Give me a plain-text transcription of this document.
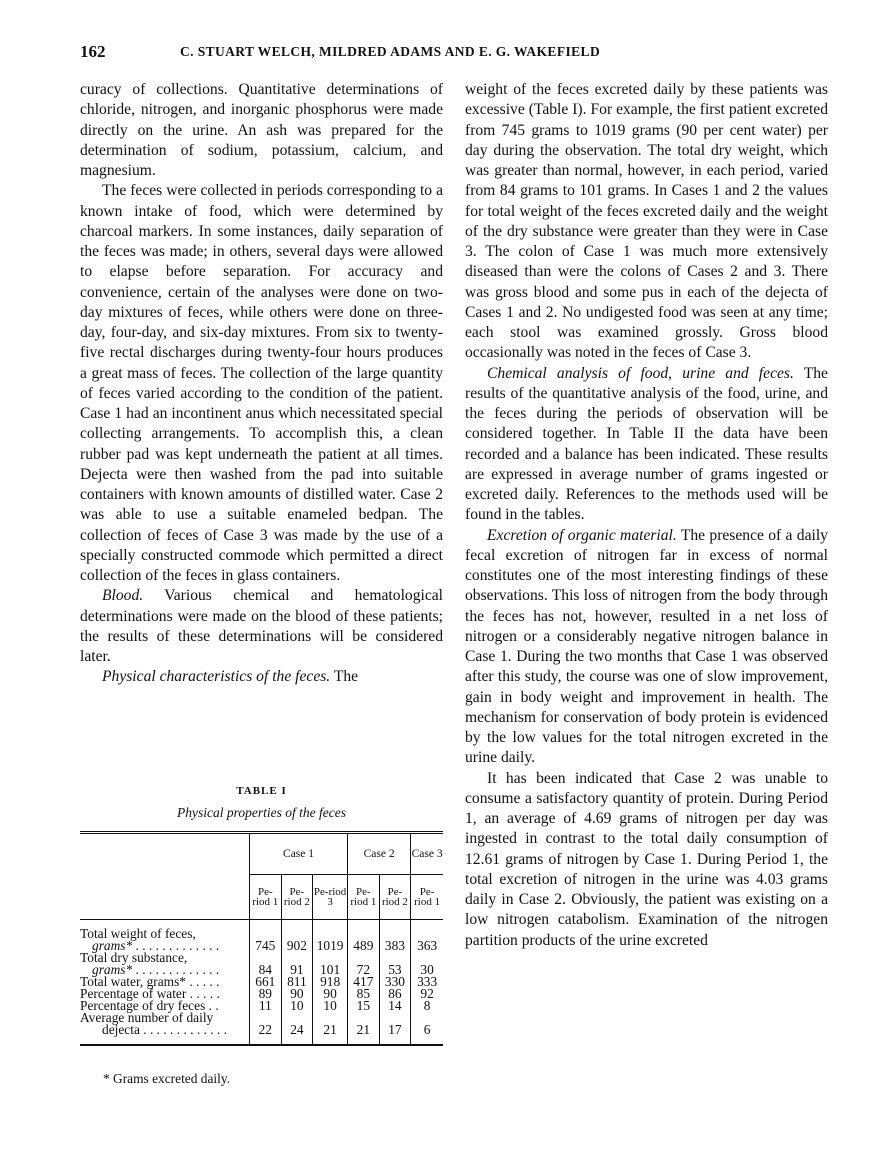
162	C. STUART WELCH, MILDRED ADAMS AND E. G. WAKEFIELD

curacy of collections. Quantitative determinations of chloride, nitrogen, and inorganic phosphorus were made directly on the urine. An ash was prepared for the determination of sodium, potassium, calcium, and magnesium.

The feces were collected in periods corresponding to a known intake of food, which were determined by charcoal markers. In some instances, daily separation of the feces was made; in others, several days were allowed to elapse before separation. For accuracy and convenience, certain of the analyses were done on two-day mixtures of feces, while others were done on three-day, four-day, and six-day mixtures. From six to twenty-five rectal discharges during twenty-four hours produces a great mass of feces. The collection of the large quantity of feces varied according to the condition of the patient. Case 1 had an incontinent anus which necessitated special collecting arrangements. To accomplish this, a clean rubber pad was kept underneath the patient at all times. Dejecta were then washed from the pad into suitable containers with known amounts of distilled water. Case 2 was able to use a suitable enameled bedpan. The collection of feces of Case 3 was made by the use of a specially constructed commode which permitted a direct collection of the feces in glass containers.

Blood. Various chemical and hematological determinations were made on the blood of these patients; the results of these determinations will be considered later.

Physical characteristics of the feces. The

TABLE I
Physical properties of the feces
	Case 1			Case 2		Case 3
	Pe-riod 1	Pe-riod 2	Pe-riod 3	Pe-riod 1	Pe-riod 2	Pe-riod 1
Total weight of feces,
grams* . . . . . . . . . . . . .	745	902	1019	489	383	363
Total dry substance,
grams* . . . . . . . . . . . . .	84	91	101	72	53	30
Total water, grams* . . . . .	661	811	918	417	330	333
Percentage of water . . . . .	89	90	90	85	86	92
Percentage of dry feces . .	11	10	10	15	14	8
Average number of daily
dejecta . . . . . . . . . . . . .	22	24	21	21	17	6
* Grams excreted daily.

weight of the feces excreted daily by these patients was excessive (Table I). For example, the first patient excreted from 745 grams to 1019 grams (90 per cent water) per day during the observation. The total dry weight, which was greater than normal, however, in each period, varied from 84 grams to 101 grams. In Cases 1 and 2 the values for total weight of the feces excreted daily and the weight of the dry substance were greater than they were in Case 3. The colon of Case 1 was much more extensively diseased than were the colons of Cases 2 and 3. There was gross blood and some pus in each of the dejecta of Cases 1 and 2. No undigested food was seen at any time; each stool was examined grossly. Gross blood occasionally was noted in the feces of Case 3.

Chemical analysis of food, urine and feces. The results of the quantitative analysis of the food, urine, and the feces during the periods of observation will be considered together. In Table II the data have been recorded and a balance has been indicated. These results are expressed in average number of grams ingested or excreted daily. References to the methods used will be found in the tables.

Excretion of organic material. The presence of a daily fecal excretion of nitrogen far in excess of normal constitutes one of the most interesting findings of these observations. This loss of nitrogen from the body through the feces has not, however, resulted in a net loss of nitrogen or a considerably negative nitrogen balance in Case 1. During the two months that Case 1 was observed after this study, the course was one of slow improvement, gain in body weight and improvement in health. The mechanism for conservation of body protein is evidenced by the low values for the total nitrogen excreted in the urine daily.

It has been indicated that Case 2 was unable to consume a satisfactory quantity of protein. During Period 1, an average of 4.69 grams of nitrogen per day was ingested in contrast to the total daily consumption of 12.61 grams of nitrogen by Case 1. During Period 1, the total excretion of nitrogen in the urine was 4.03 grams daily in Case 2. Obviously, the patient was existing on a low nitrogen catabolism. Examination of the nitrogen partition products of the urine excreted
